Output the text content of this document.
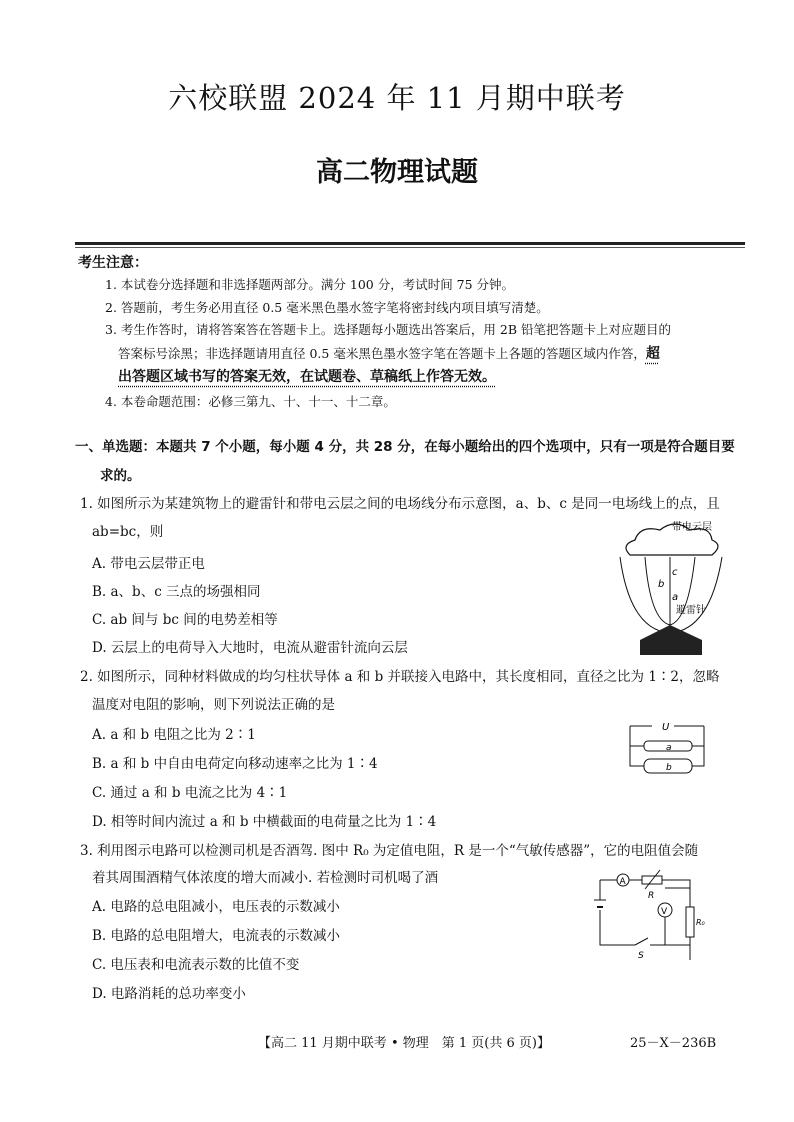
六校联盟 2024 年 11 月期中联考
高二物理试题
考生注意：
1. 本试卷分选择题和非选择题两部分。满分 100 分，考试时间 75 分钟。
2. 答题前，考生务必用直径 0.5 毫米黑色墨水签字笔将密封线内项目填写清楚。
3. 考生作答时，请将答案答在答题卡上。选择题每小题选出答案后，用 2B 铅笔把答题卡上对应题目的
答案标号涂黑；非选择题请用直径 0.5 毫米黑色墨水签字笔在答题卡上各题的答题区域内作答，超
出答题区域书写的答案无效，在试题卷、草稿纸上作答无效。
4. 本卷命题范围：必修三第九、十、十一、十二章。
一、单选题：本题共 7 个小题，每小题 4 分，共 28 分，在每小题给出的四个选项中，只有一项是符合题目要
求的。
1. 如图所示为某建筑物上的避雷针和带电云层之间的电场线分布示意图，a、b、c 是同一电场线上的点，且
ab=bc，则
A. 带电云层带正电
B. a、b、c 三点的场强相同
C. ab 间与 bc 间的电势差相等
D. 云层上的电荷导入大地时，电流从避雷针流向云层
c
b
a
带电云层
避雷针
2. 如图所示，同种材料做成的均匀柱状导体 a 和 b 并联接入电路中，其长度相同，直径之比为 1∶2，忽略
温度对电阻的影响，则下列说法正确的是
A. a 和 b 电阻之比为 2∶1
B. a 和 b 中自由电荷定向移动速率之比为 1∶4
C. 通过 a 和 b 电流之比为 4∶1
D. 相等时间内流过 a 和 b 中横截面的电荷量之比为 1∶4
U
a
b
3. 利用图示电路可以检测司机是否酒驾. 图中 R₀ 为定值电阻，R 是一个“气敏传感器”，它的电阻值会随
着其周围酒精气体浓度的增大而减小. 若检测时司机喝了酒
A. 电路的总电阻减小，电压表的示数减小
B. 电路的总电阻增大，电流表的示数减小
C. 电压表和电流表示数的比值不变
D. 电路消耗的总功率变小
A
R
V
R₀
S
【高二 11 月期中联考 • 物理　第 1 页(共 6 页)】	25－X－236B
